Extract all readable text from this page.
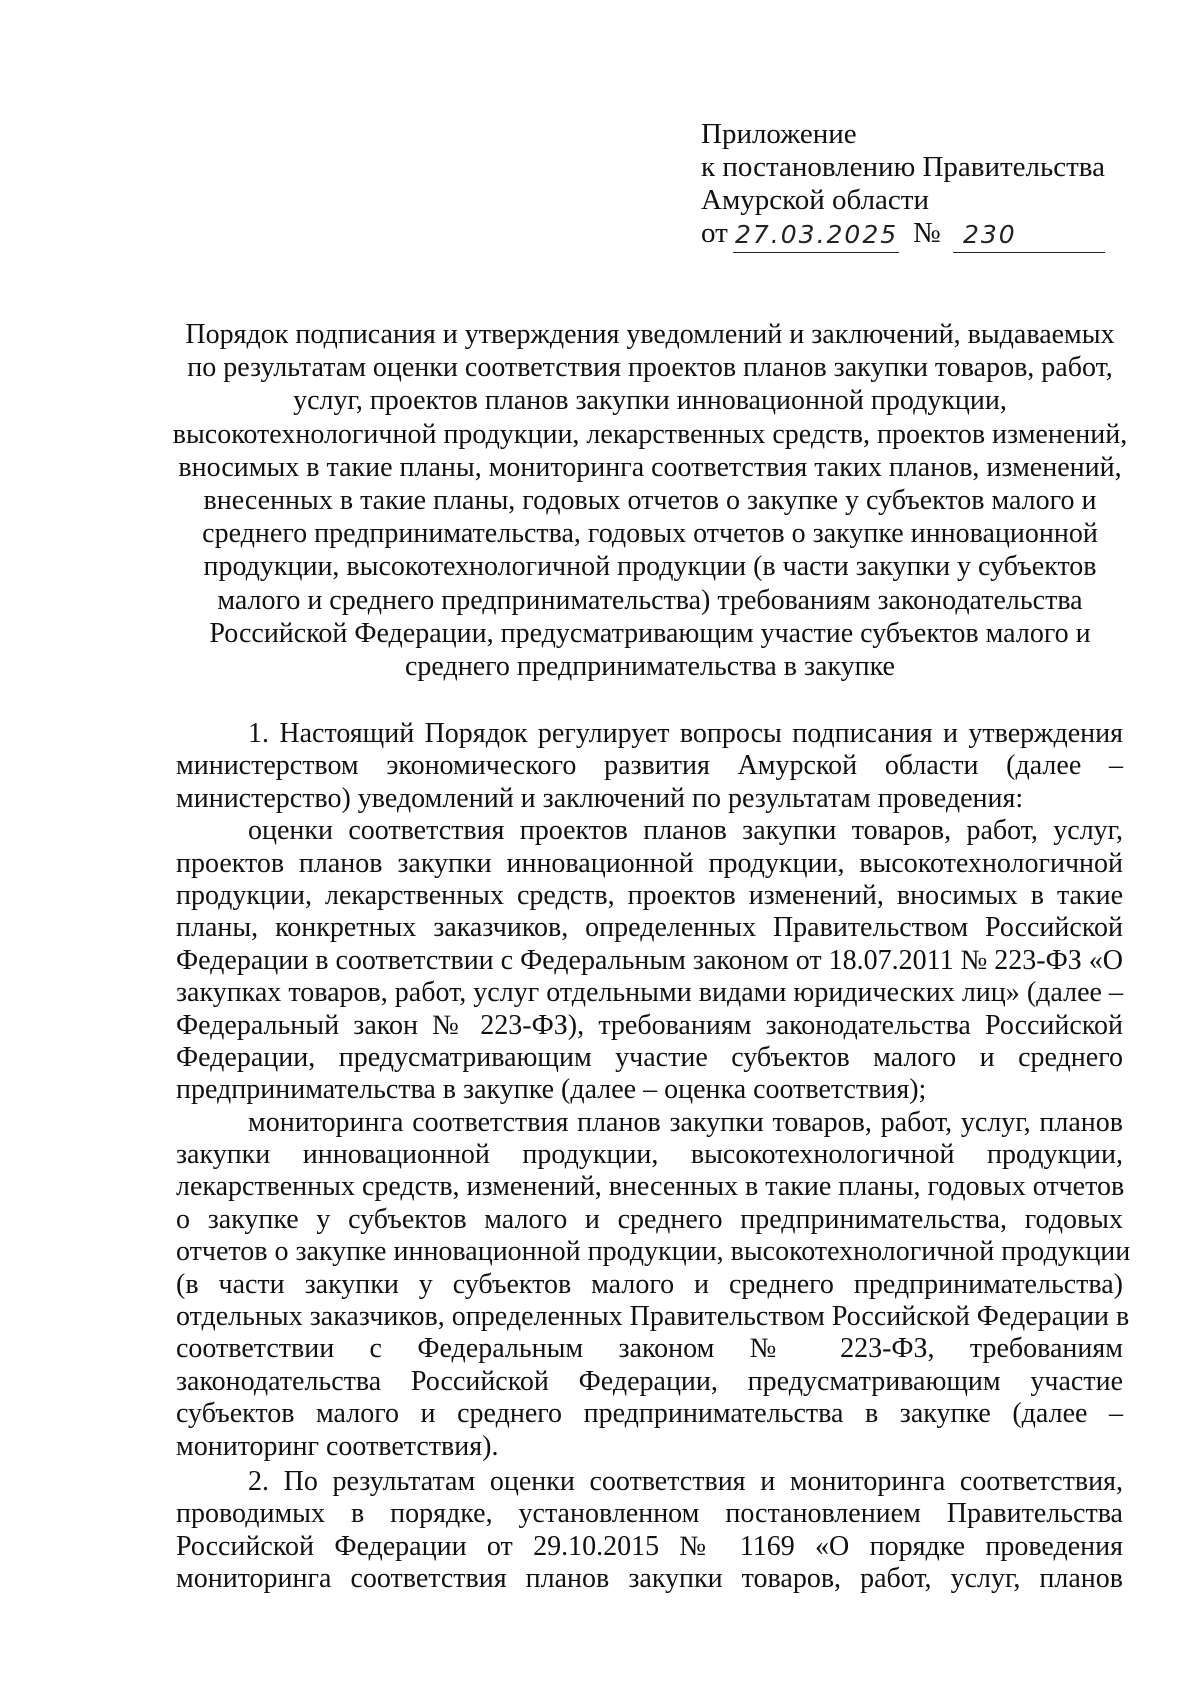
Приложение
к постановлению Правительства
Амурской области
от 27.03.2025 № 230
Порядок подписания и утверждения уведомлений и заключений, выдаваемых
по результатам оценки соответствия проектов планов закупки товаров, работ,
услуг, проектов планов закупки инновационной продукции,
высокотехнологичной продукции, лекарственных средств, проектов изменений,
вносимых в такие планы, мониторинга соответствия таких планов, изменений,
внесенных в такие планы, годовых отчетов о закупке у субъектов малого и
среднего предпринимательства, годовых отчетов о закупке инновационной
продукции, высокотехнологичной продукции (в части закупки у субъектов
малого и среднего предпринимательства) требованиям законодательства
Российской Федерации, предусматривающим участие субъектов малого и
среднего предпринимательства в закупке
1. Настоящий Порядок регулирует вопросы подписания и утверждения
министерством экономического развития Амурской области (далее –
министерство) уведомлений и заключений по результатам проведения:
оценки соответствия проектов планов закупки товаров, работ, услуг,
проектов планов закупки инновационной продукции, высокотехнологичной
продукции, лекарственных средств, проектов изменений, вносимых в такие
планы, конкретных заказчиков, определенных Правительством Российской
Федерации в соответствии с Федеральным законом от 18.07.2011 № 223-ФЗ «О
закупках товаров, работ, услуг отдельными видами юридических лиц» (далее –
Федеральный закон № 223-ФЗ), требованиям законодательства Российской
Федерации, предусматривающим участие субъектов малого и среднего
предпринимательства в закупке (далее – оценка соответствия);
мониторинга соответствия планов закупки товаров, работ, услуг, планов
закупки инновационной продукции, высокотехнологичной продукции,
лекарственных средств, изменений, внесенных в такие планы, годовых отчетов
о закупке у субъектов малого и среднего предпринимательства, годовых
отчетов о закупке инновационной продукции, высокотехнологичной продукции
(в части закупки у субъектов малого и среднего предпринимательства)
отдельных заказчиков, определенных Правительством Российской Федерации в
соответствии с Федеральным законом № 223-ФЗ, требованиям
законодательства Российской Федерации, предусматривающим участие
субъектов малого и среднего предпринимательства в закупке (далее –
мониторинг соответствия).
2. По результатам оценки соответствия и мониторинга соответствия,
проводимых в порядке, установленном постановлением Правительства
Российской Федерации от 29.10.2015 № 1169 «О порядке проведения
мониторинга соответствия планов закупки товаров, работ, услуг, планов
